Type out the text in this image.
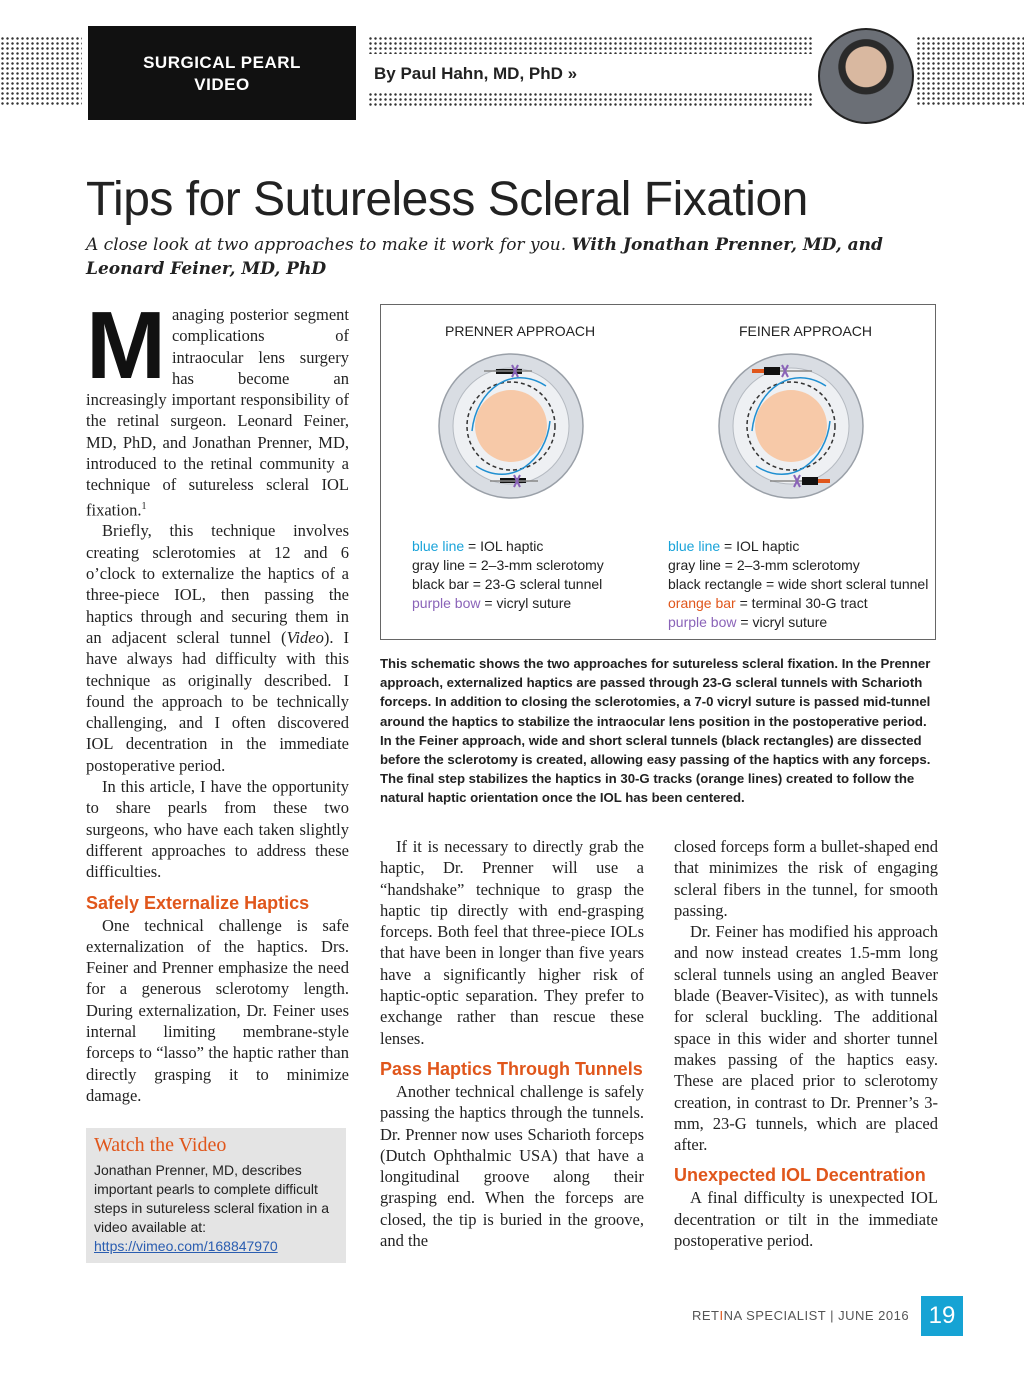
SURGICAL PEARL
VIDEO
By Paul Hahn, MD, PhD »
Tips for Sutureless Scleral Fixation
A close look at two approaches to make it work for you. With Jonathan Prenner, MD, and Leonard Feiner, MD, PhD

Managing posterior segment complications of intraocular lens surgery has become an increasingly important responsibility of the retinal surgeon. Leonard Feiner, MD, PhD, and Jonathan Prenner, MD, introduced to the retinal community a technique of sutureless scleral IOL fixation.$^1$

Briefly, this technique involves creating sclerotomies at 12 and 6 o’clock to externalize the haptics of a three-piece IOL, then passing the haptics through and securing them in an adjacent scleral tunnel (Video). I have always had difficulty with this technique as originally described. I found the approach to be technically challenging, and I often discovered IOL decentration in the immediate postoperative period.

In this article, I have the opportunity to share pearls from these two surgeons, who have each taken slightly different approaches to address these difficulties.

Safely Externalize Haptics

One technical challenge is safe externalization of the haptics. Drs. Feiner and Prenner emphasize the need for a generous sclerotomy length. During externalization, Dr. Feiner uses internal limiting membrane-style forceps to “lasso” the haptic rather than directly grasping it to minimize damage.

Watch the Video
Jonathan Prenner, MD, describes important pearls to complete difficult steps in sutureless scleral fixation in a video available at: https://vimeo.com/168847970
PRENNER APPROACH	FEINER APPROACH
blue line = IOL haptic
gray line = 2–3-mm sclerotomy
black bar = 23-G scleral tunnel
purple bow = vicryl suture
blue line = IOL haptic
gray line = 2–3-mm sclerotomy
black rectangle = wide short scleral tunnel
orange bar = terminal 30-G tract
purple bow = vicryl suture
This schematic shows the two approaches for sutureless scleral fixation. In the Prenner approach, externalized haptics are passed through 23-G scleral tunnels with Scharioth forceps. In addition to closing the sclerotomies, a 7-0 vicryl suture is passed mid-tunnel around the haptics to stabilize the intraocular lens position in the postoperative period. In the Feiner approach, wide and short scleral tunnels (black rectangles) are dissected before the sclerotomy is created, allowing easy passing of the haptics with any forceps. The final step stabilizes the haptics in 30-G tracks (orange lines) created to follow the natural haptic orientation once the IOL has been centered.

If it is necessary to directly grab the haptic, Dr. Prenner will use a “handshake” technique to grasp the haptic tip directly with end-grasping forceps. Both feel that three-piece IOLs that have been in longer than five years have a significantly higher risk of haptic-optic separation. They prefer to exchange rather than rescue these lenses.

Pass Haptics Through Tunnels

Another technical challenge is safely passing the haptics through the tunnels. Dr. Prenner now uses Scharioth forceps (Dutch Ophthalmic USA) that have a longitudinal groove along their grasping end. When the forceps are closed, the tip is buried in the groove, and the

closed forceps form a bullet-shaped end that minimizes the risk of engaging scleral fibers in the tunnel, for smooth passing.

Dr. Feiner has modified his approach and now instead creates 1.5-mm long scleral tunnels using an angled Beaver blade (Beaver-Visitec), as with tunnels for scleral buckling. The additional space in this wider and shorter tunnel makes passing of the haptics easy. These are placed prior to sclerotomy creation, in contrast to Dr. Prenner’s 3-mm, 23-G tunnels, which are placed after.

Unexpected IOL Decentration

A final difficulty is unexpected IOL decentration or tilt in the immediate postoperative period.

RETINA SPECIALIST | JUNE 2016 19
